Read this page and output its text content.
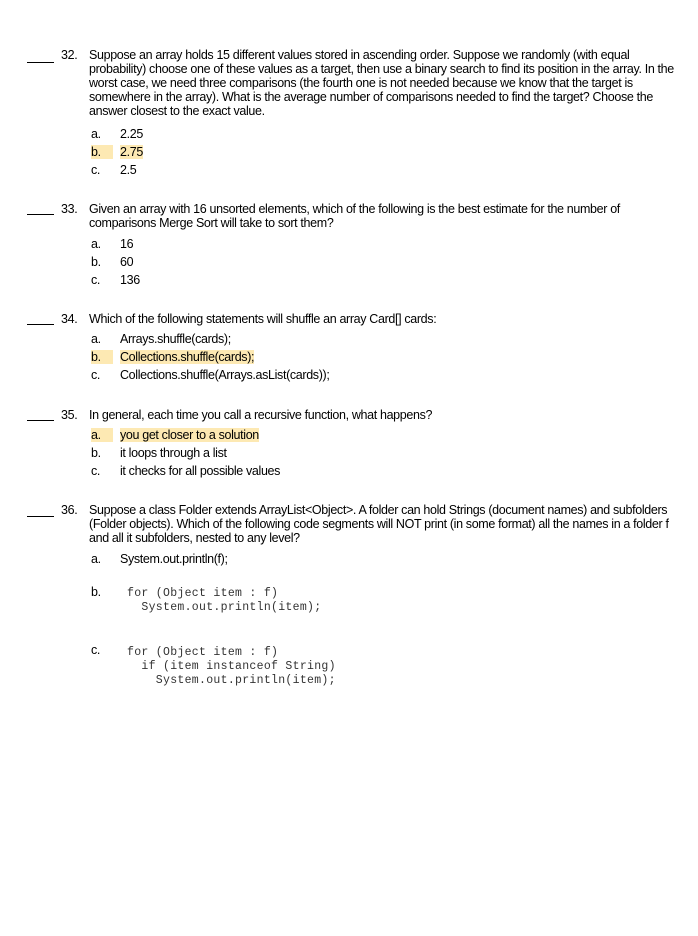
32. Suppose an array holds 15 different values stored in ascending order. Suppose we randomly (with equal probability) choose one of these values as a target, then use a binary search to find its position in the array. In the worst case, we need three comparisons (the fourth one is not needed because we know that the target is somewhere in the array). What is the average number of comparisons needed to find the target? Choose the answer closest to the exact value.
a.	2.25
b.	2.75
c.	2.5
33. Given an array with 16 unsorted elements, which of the following is the best estimate for the number of comparisons Merge Sort will take to sort them?
a.	16
b.	60
c.	136
34. Which of the following statements will shuffle an array Card[] cards:
a.	Arrays.shuffle(cards);
b.	Collections.shuffle(cards);
c.	Collections.shuffle(Arrays.asList(cards));
35. In general, each time you call a recursive function, what happens?
a.	you get closer to a solution
b.	it loops through a list
c.	it checks for all possible values
36. Suppose a class Folder extends ArrayList<Object>. A folder can hold Strings (document names) and subfolders (Folder objects). Which of the following code segments will NOT print (in some format) all the names in a folder f and all it subfolders, nested to any level?
a.	System.out.println(f);
b.	for (Object item : f)
System.out.println(item);
c.	for (Object item : f)
if (item instanceof String)
System.out.println(item);
